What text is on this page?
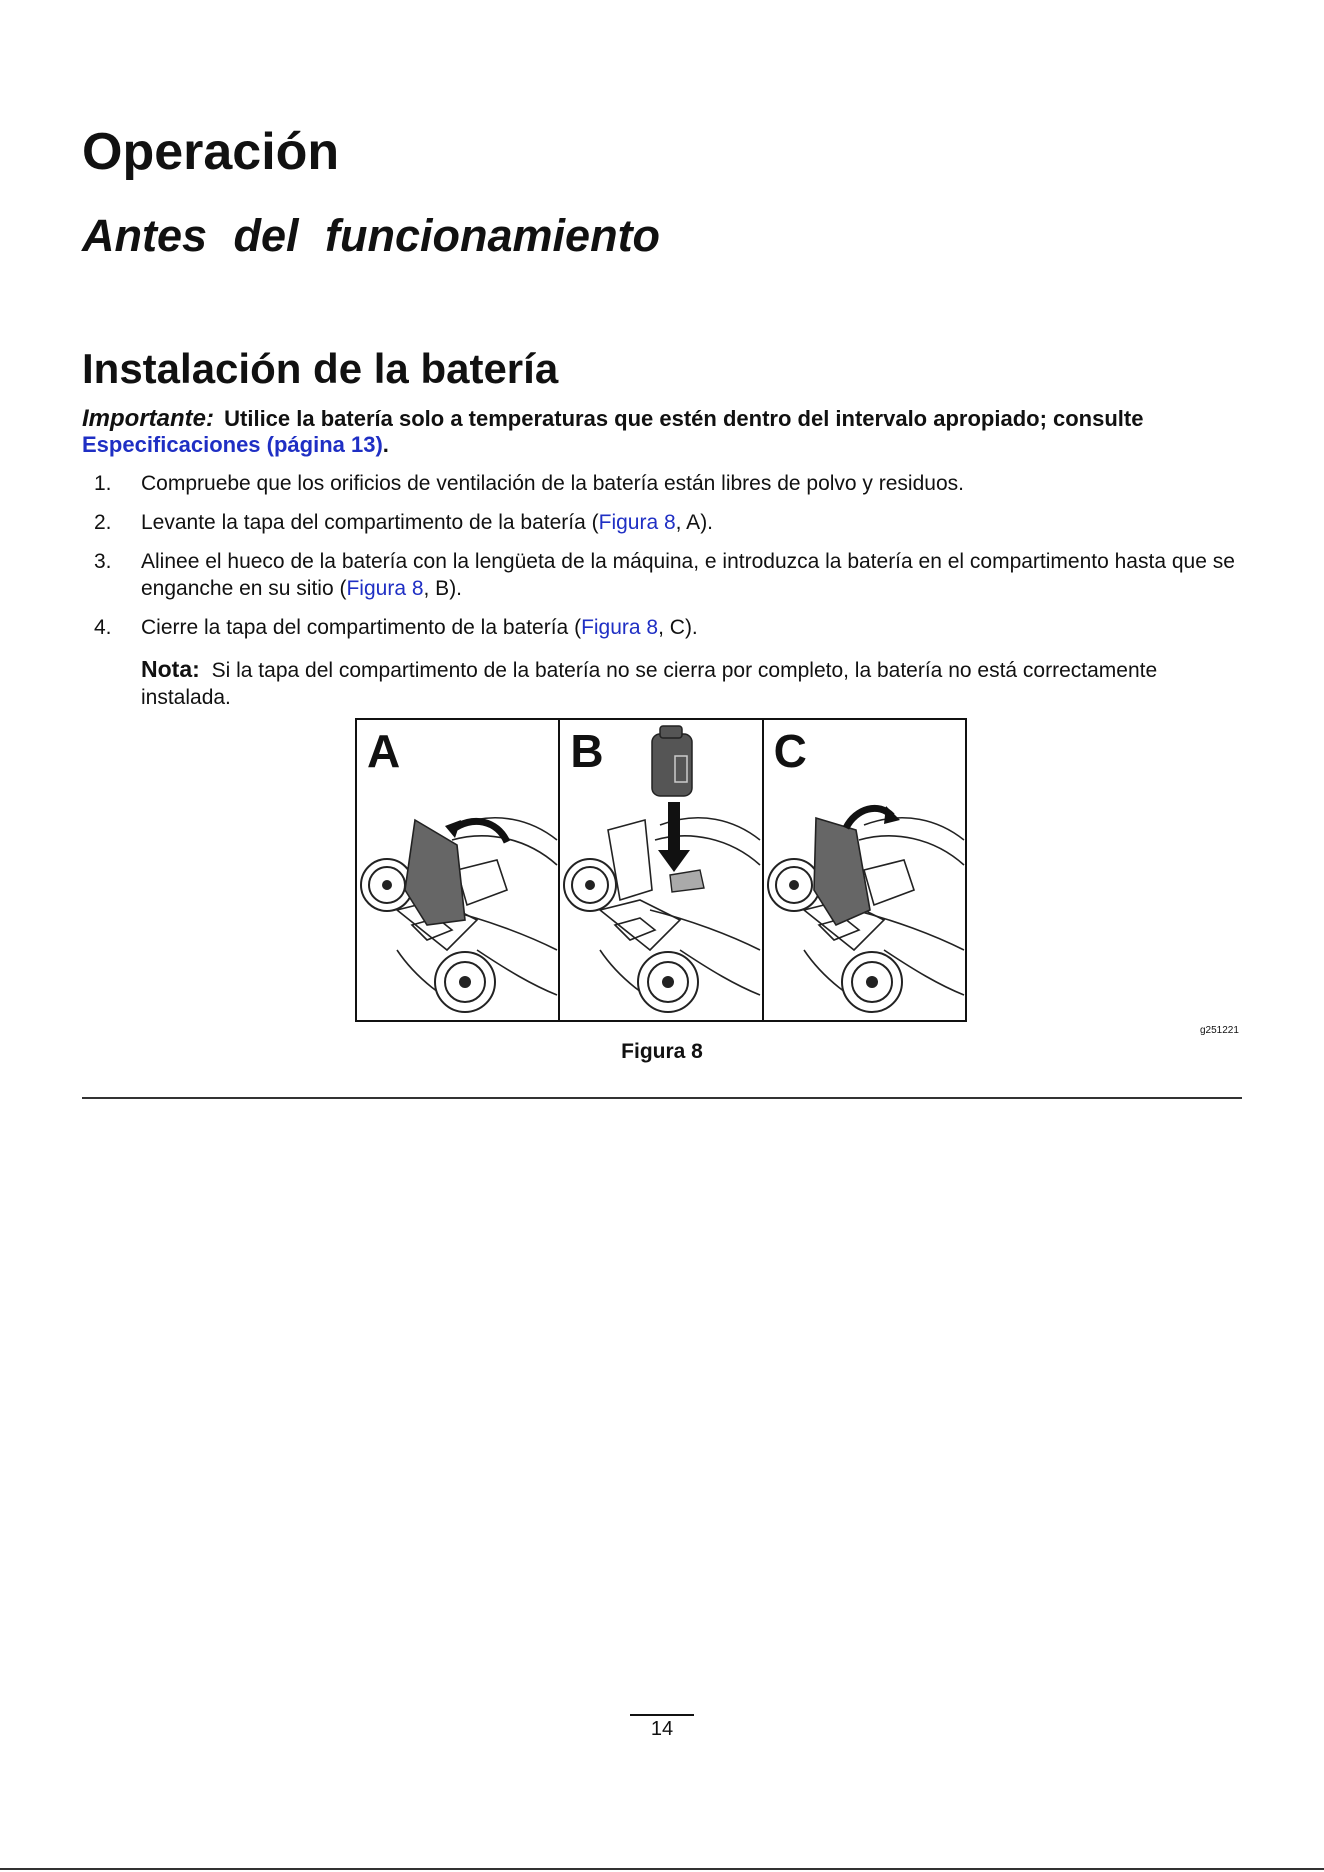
Operación
Antes del funcionamiento
Instalación de la batería
Importante: Utilice la batería solo a temperaturas que estén dentro del intervalo apropiado; consulte Especificaciones (página 13).
1. Compruebe que los orificios de ventilación de la batería están libres de polvo y residuos.
2. Levante la tapa del compartimento de la batería (Figura 8, A).
3. Alinee el hueco de la batería con la lengüeta de la máquina, e introduzca la batería en el compartimento hasta que se enganche en su sitio (Figura 8, B).
4. Cierre la tapa del compartimento de la batería (Figura 8, C).
Nota: Si la tapa del compartimento de la batería no se cierra por completo, la batería no está correctamente instalada.
A	B	C
g251221
Figura 8
14
